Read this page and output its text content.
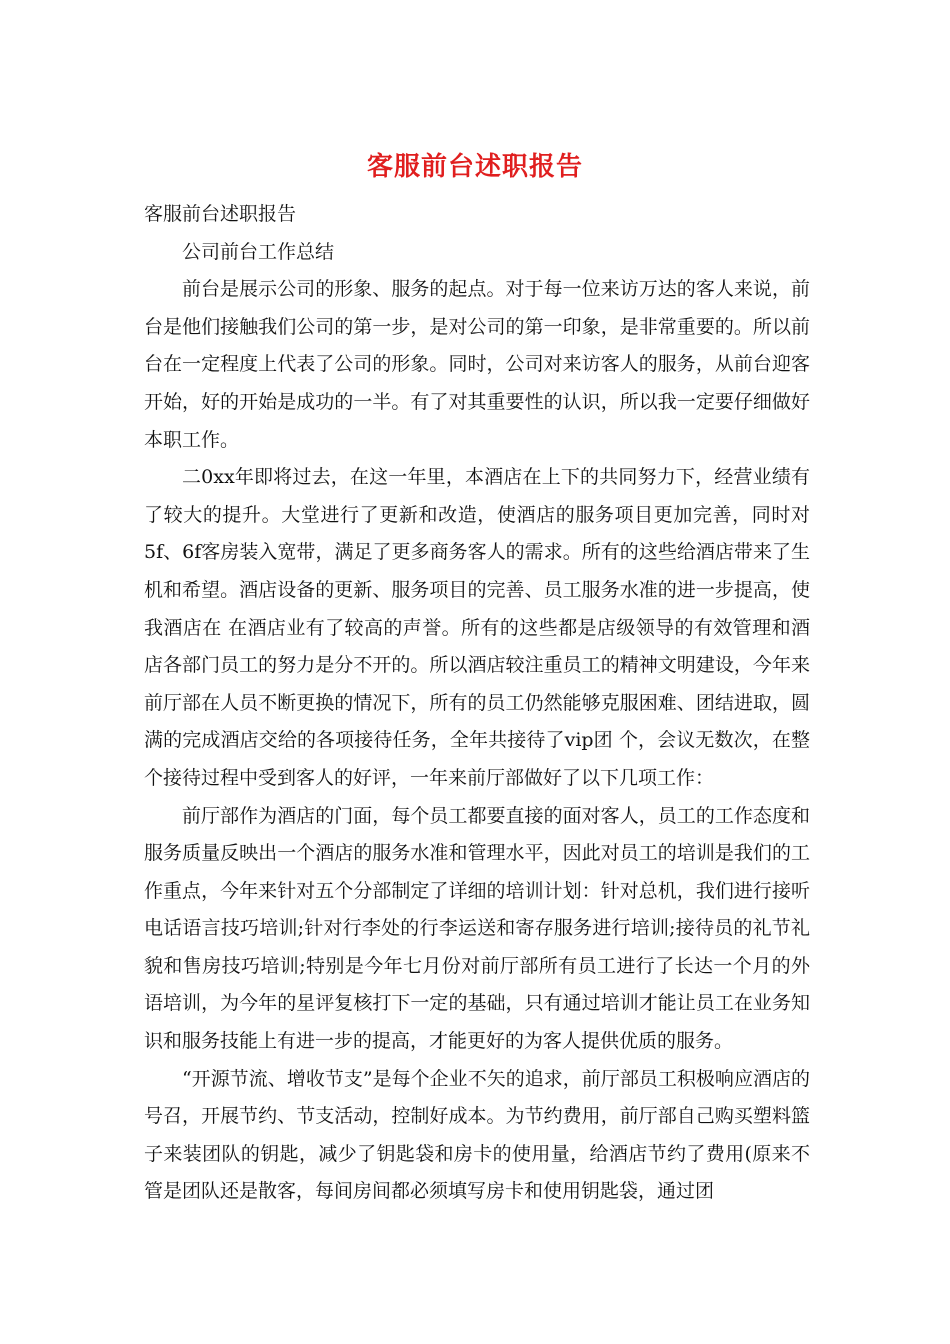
客服前台述职报告

客服前台述职报告

公司前台工作总结

前台是展示公司的形象、服务的起点。对于每一位来访万达的客人来说，前台是他们接触我们公司的第一步，是对公司的第一印象，是非常重要的。所以前台在一定程度上代表了公司的形象。同时，公司对来访客人的服务，从前台迎客开始，好的开始是成功的一半。有了对其重要性的认识，所以我一定要仔细做好本职工作。

二0xx年即将过去，在这一年里，本酒店在上下的共同努力下，经营业绩有了较大的提升。大堂进行了更新和改造，使酒店的服务项目更加完善，同时对5f、6f客房装入宽带，满足了更多商务客人的需求。所有的这些给酒店带来了生机和希望。酒店设备的更新、服务项目的完善、员工服务水准的进一步提高，使我酒店在 在酒店业有了较高的声誉。所有的这些都是店级领导的有效管理和酒店各部门员工的努力是分不开的。所以酒店较注重员工的精神文明建设，今年来前厅部在人员不断更换的情况下，所有的员工仍然能够克服困难、团结进取，圆满的完成酒店交给的各项接待任务，全年共接待了vip团 个，会议无数次，在整个接待过程中受到客人的好评，一年来前厅部做好了以下几项工作：

前厅部作为酒店的门面，每个员工都要直接的面对客人，员工的工作态度和服务质量反映出一个酒店的服务水准和管理水平，因此对员工的培训是我们的工作重点，今年来针对五个分部制定了详细的培训计划：针对总机，我们进行接听电话语言技巧培训;针对行李处的行李运送和寄存服务进行培训;接待员的礼节礼貌和售房技巧培训;特别是今年七月份对前厅部所有员工进行了长达一个月的外语培训，为今年的星评复核打下一定的基础，只有通过培训才能让员工在业务知识和服务技能上有进一步的提高，才能更好的为客人提供优质的服务。

“开源节流、增收节支”是每个企业不矢的追求，前厅部员工积极响应酒店的号召，开展节约、节支活动，控制好成本。为节约费用，前厅部自己购买塑料篮子来装团队的钥匙，减少了钥匙袋和房卡的使用量，给酒店节约了费用(原来不管是团队还是散客，每间房间都必须填写房卡和使用钥匙袋，通过团
